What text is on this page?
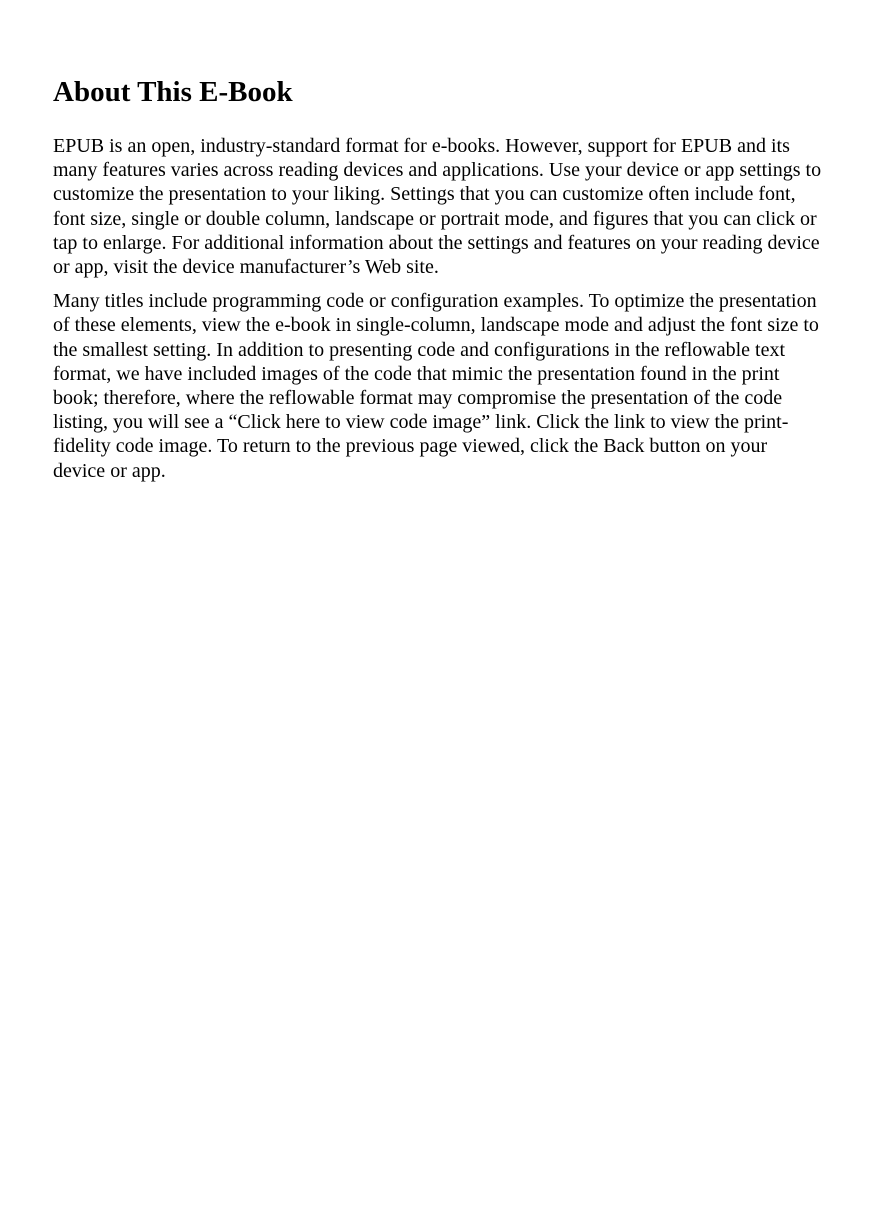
About This E-Book

EPUB is an open, industry-standard format for e-books. However, support for EPUB and its many features varies across reading devices and applications. Use your device or app settings to customize the presentation to your liking. Settings that you can customize often include font, font size, single or double column, landscape or portrait mode, and figures that you can click or tap to enlarge. For additional information about the settings and features on your reading device or app, visit the device manufacturer’s Web site.

Many titles include programming code or configuration examples. To optimize the presentation of these elements, view the e-book in single-column, landscape mode and adjust the font size to the smallest setting. In addition to presenting code and configurations in the reflowable text format, we have included images of the code that mimic the presentation found in the print book; therefore, where the reflowable format may compromise the presentation of the code listing, you will see a “Click here to view code image” link. Click the link to view the print-fidelity code image. To return to the previous page viewed, click the Back button on your device or app.
